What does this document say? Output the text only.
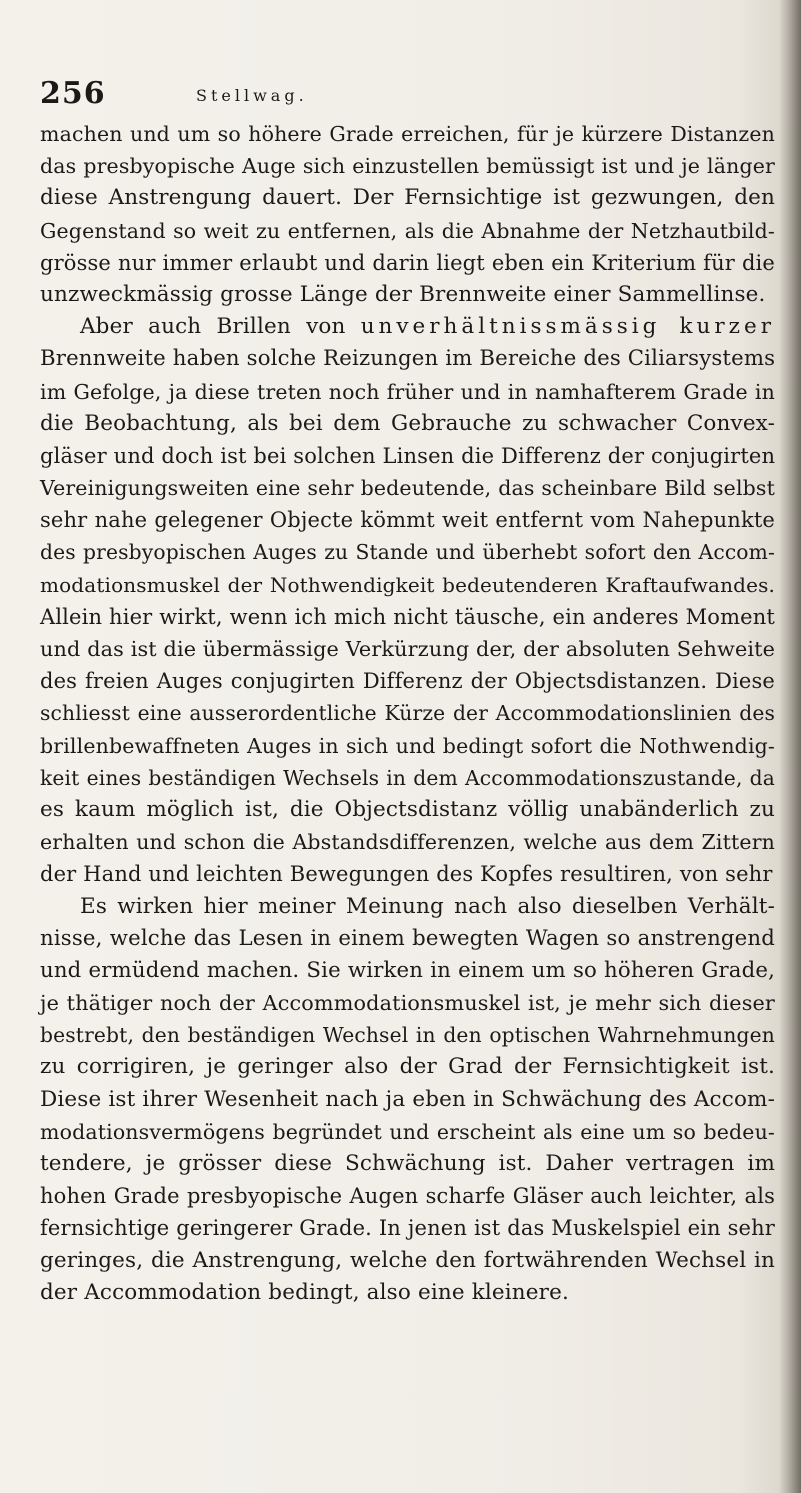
256	Stellwag.
machen und um so höhere Grade erreichen, für je kürzere Distanzen
das presbyopische Auge sich einzustellen bemüssigt ist und je länger
diese Anstrengung dauert. Der Fernsichtige ist gezwungen, den
Gegenstand so weit zu entfernen, als die Abnahme der Netzhautbild-
grösse nur immer erlaubt und darin liegt eben ein Kriterium für die
unzweckmässig grosse Länge der Brennweite einer Sammellinse.
Aber auch Brillen von unverhältnissmässig kurzer
Brennweite haben solche Reizungen im Bereiche des Ciliarsystems
im Gefolge, ja diese treten noch früher und in namhafterem Grade in
die Beobachtung, als bei dem Gebrauche zu schwacher Convex-
gläser und doch ist bei solchen Linsen die Differenz der conjugirten
Vereinigungsweiten eine sehr bedeutende, das scheinbare Bild selbst
sehr nahe gelegener Objecte kömmt weit entfernt vom Nahepunkte
des presbyopischen Auges zu Stande und überhebt sofort den Accom-
modationsmuskel der Nothwendigkeit bedeutenderen Kraftaufwandes.
Allein hier wirkt, wenn ich mich nicht täusche, ein anderes Moment
und das ist die übermässige Verkürzung der, der absoluten Sehweite
des freien Auges conjugirten Differenz der Objectsdistanzen. Diese
schliesst eine ausserordentliche Kürze der Accommodationslinien des
brillenbewaffneten Auges in sich und bedingt sofort die Nothwendig-
keit eines beständigen Wechsels in dem Accommodationszustande, da
es kaum möglich ist, die Objectsdistanz völlig unabänderlich zu
erhalten und schon die Abstandsdifferenzen, welche aus dem Zittern
der Hand und leichten Bewegungen des Kopfes resultiren, von sehr
Es wirken hier meiner Meinung nach also dieselben Verhält-
nisse, welche das Lesen in einem bewegten Wagen so anstrengend
und ermüdend machen. Sie wirken in einem um so höheren Grade,
je thätiger noch der Accommodationsmuskel ist, je mehr sich dieser
bestrebt, den beständigen Wechsel in den optischen Wahrnehmungen
zu corrigiren, je geringer also der Grad der Fernsichtigkeit ist.
Diese ist ihrer Wesenheit nach ja eben in Schwächung des Accom-
modationsvermögens begründet und erscheint als eine um so bedeu-
tendere, je grösser diese Schwächung ist. Daher vertragen im
hohen Grade presbyopische Augen scharfe Gläser auch leichter, als
fernsichtige geringerer Grade. In jenen ist das Muskelspiel ein sehr
geringes, die Anstrengung, welche den fortwährenden Wechsel in
der Accommodation bedingt, also eine kleinere.
